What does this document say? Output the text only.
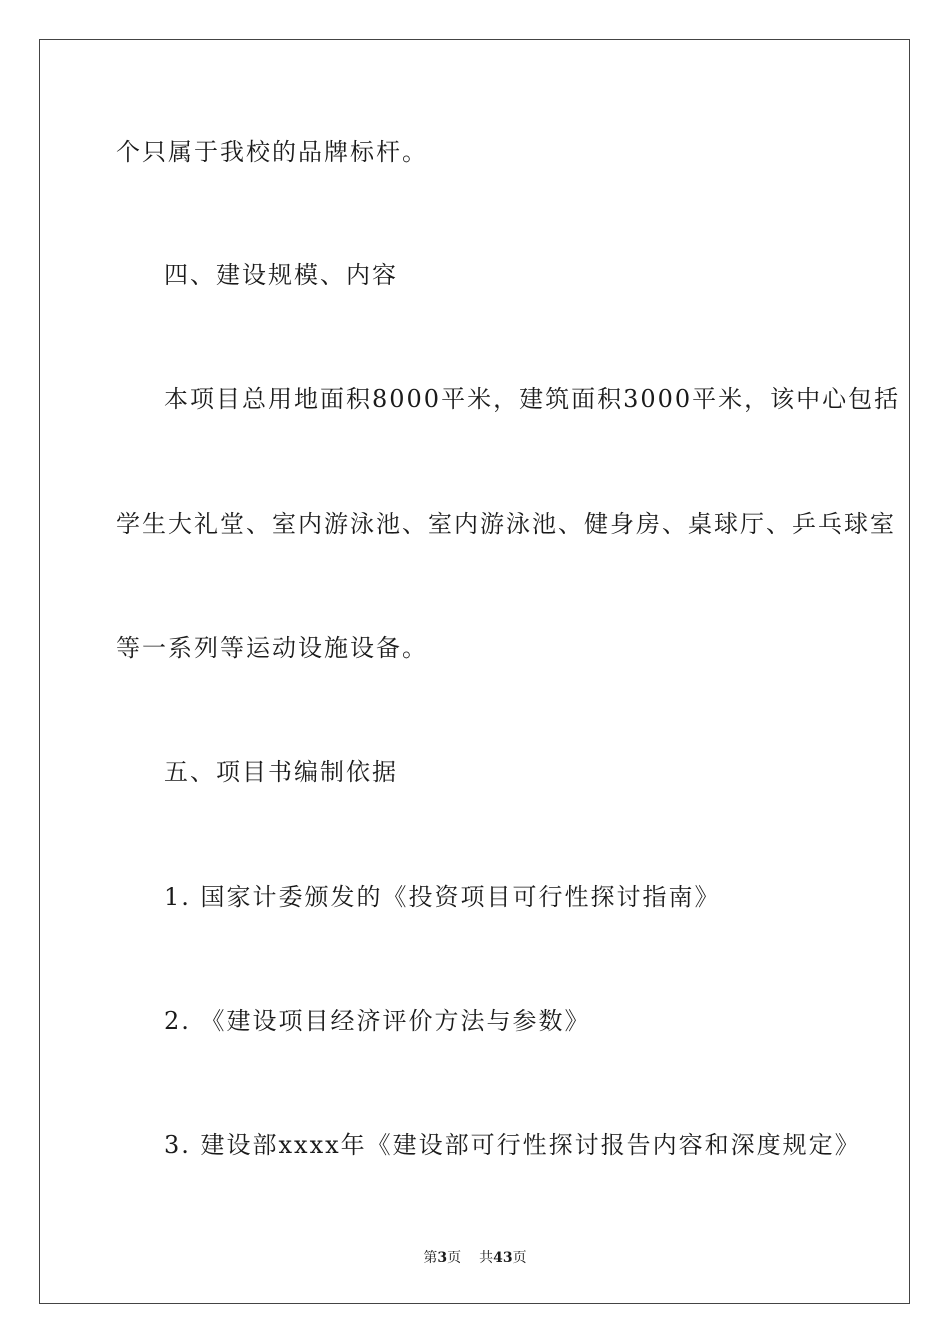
个只属于我校的品牌标杆。
四、建设规模、内容
本项目总用地面积8000平米，建筑面积3000平米，该中心包括
学生大礼堂、室内游泳池、室内游泳池、健身房、桌球厅、乒乓球室
等一系列等运动设施设备。
五、项目书编制依据
1. 国家计委颁发的《投资项目可行性探讨指南》
2. 《建设项目经济评价方法与参数》
3. 建设部xxxx年《建设部可行性探讨报告内容和深度规定》
第3页 共43页
